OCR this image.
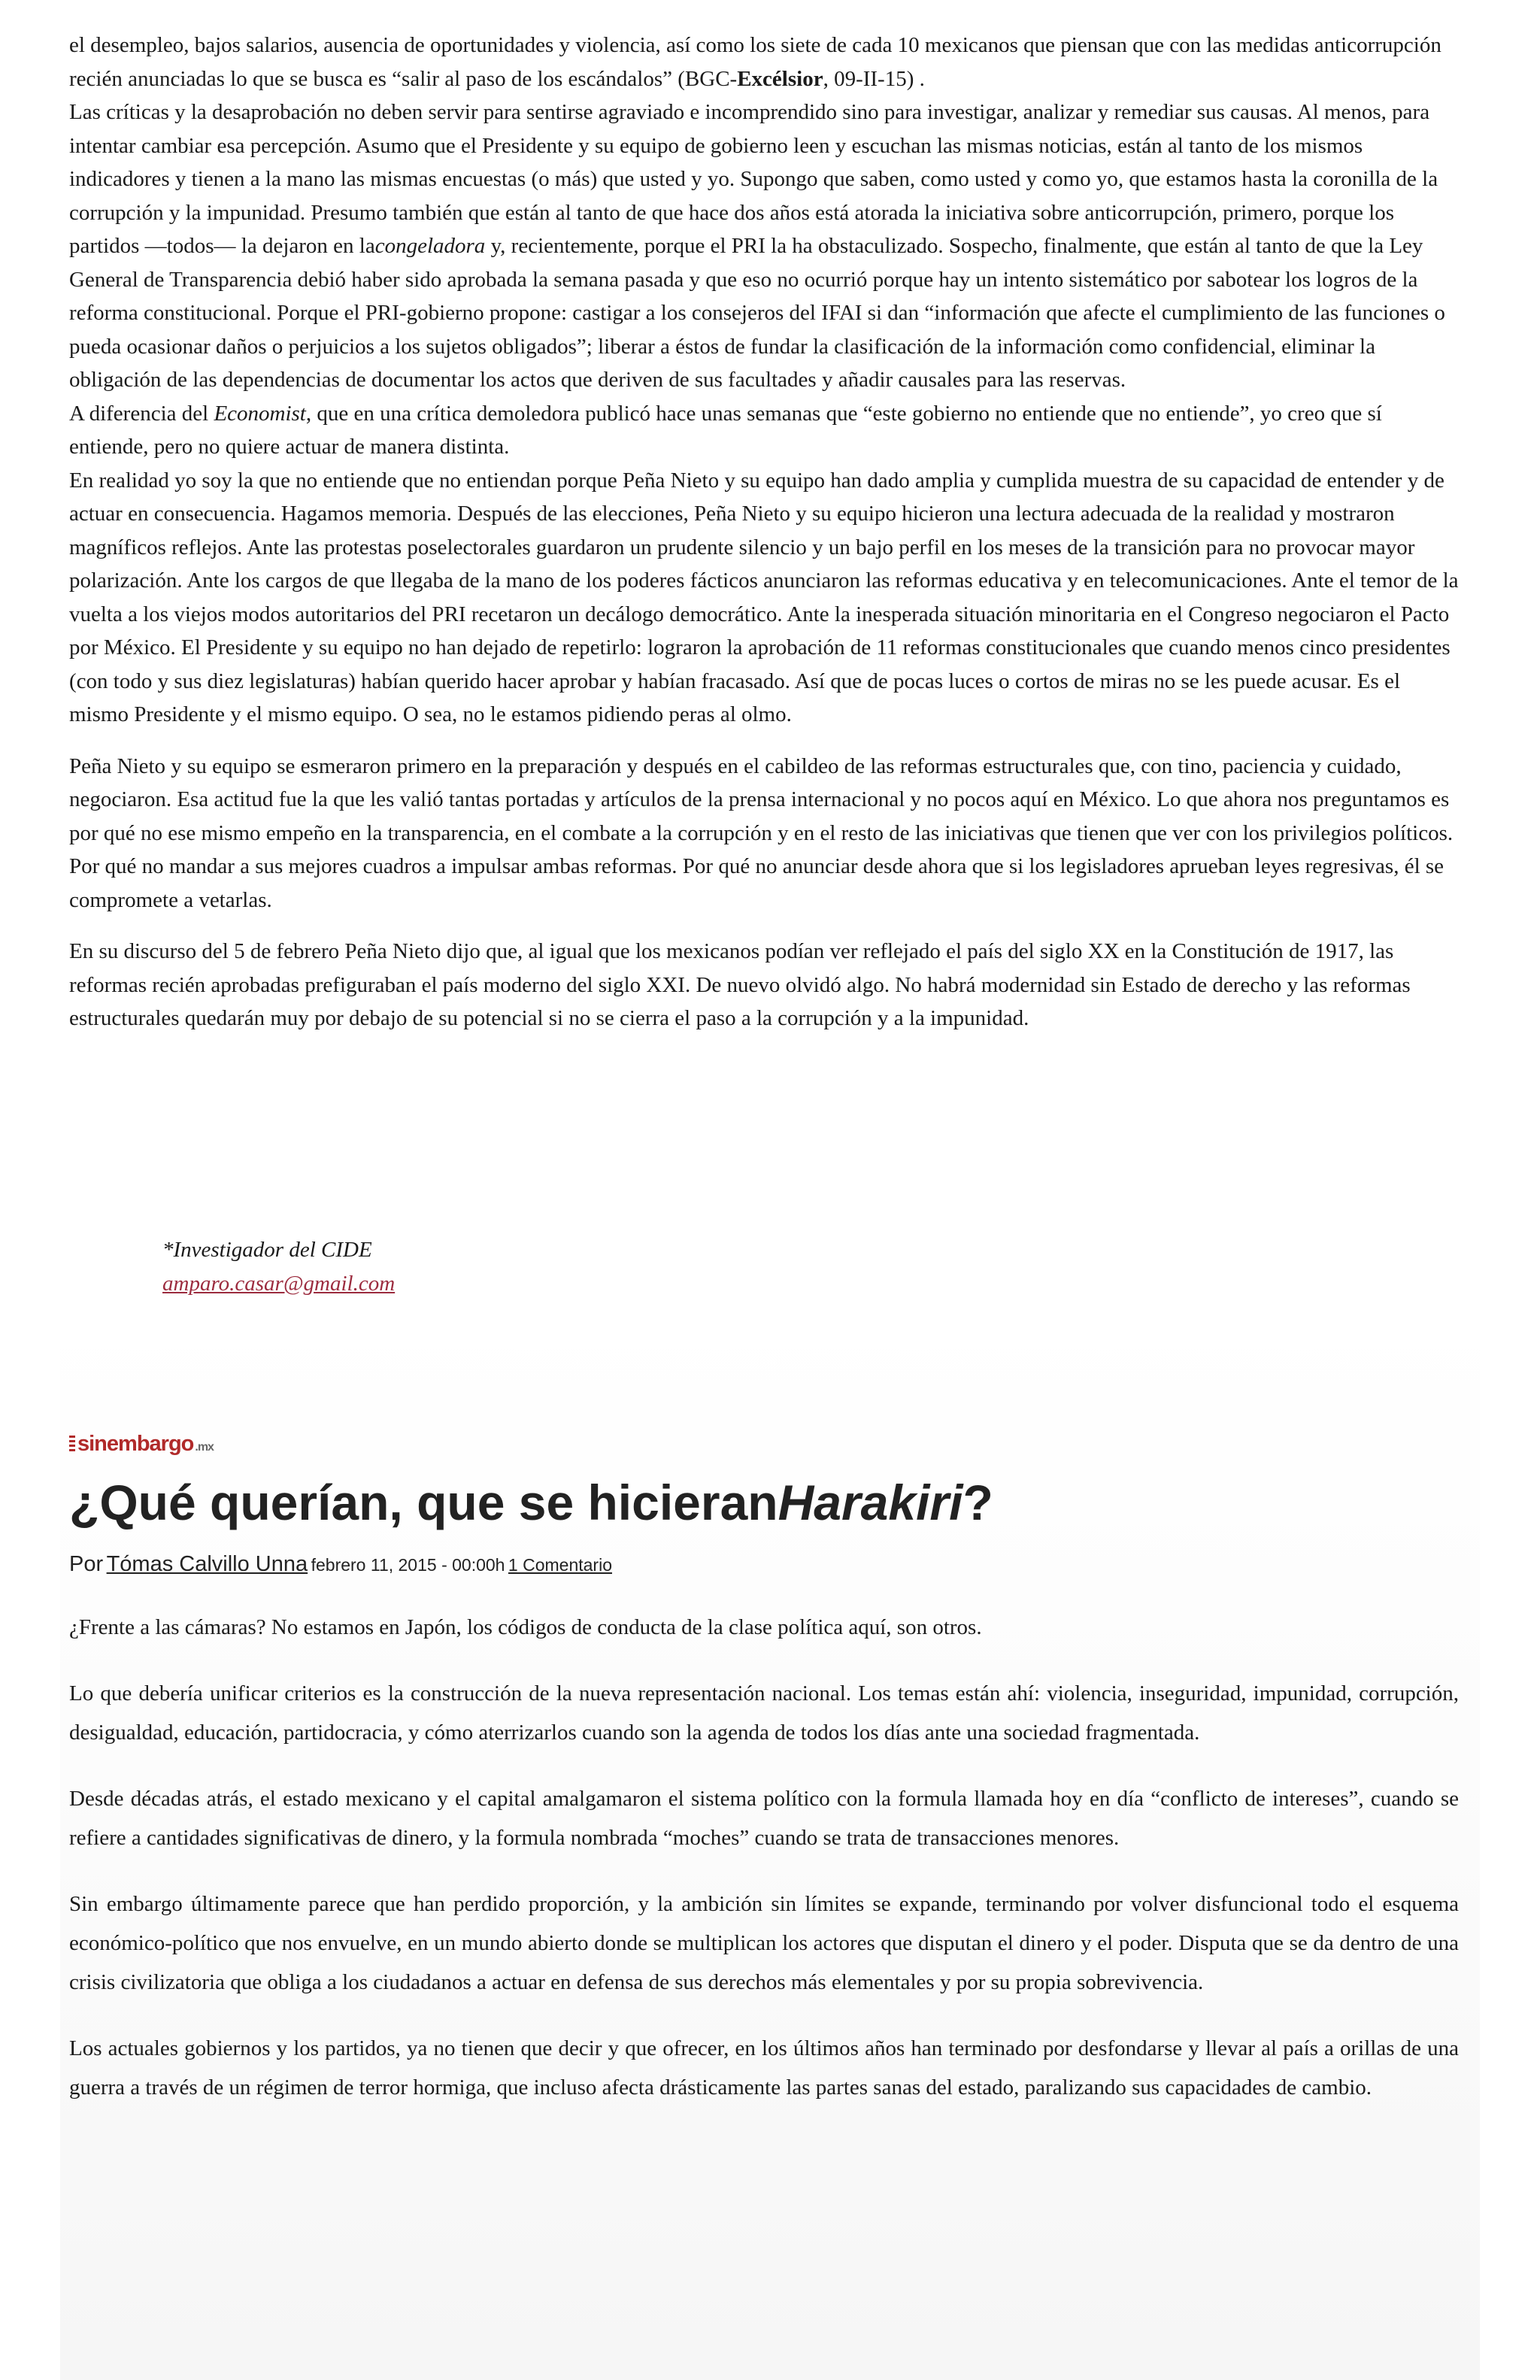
el desempleo, bajos salarios, ausencia de oportunidades y violencia, así como los siete de cada 10 mexicanos que piensan que con las medidas anticorrupción recién anunciadas lo que se busca es “salir al paso de los escándalos” (BGC-Excélsior, 09-II-15) .

Las críticas y la desaprobación no deben servir para sentirse agraviado e incomprendido sino para investigar, analizar y remediar sus causas. Al menos, para intentar cambiar esa percepción. Asumo que el Presidente y su equipo de gobierno leen y escuchan las mismas noticias, están al tanto de los mismos indicadores y tienen a la mano las mismas encuestas (o más) que usted y yo. Supongo que saben, como usted y como yo, que estamos hasta la coronilla de la corrupción y la impunidad. Presumo también que están al tanto de que hace dos años está atorada la iniciativa sobre anticorrupción, primero, porque los partidos —todos— la dejaron en lacongeladora y, recientemente, porque el PRI la ha obstaculizado. Sospecho, finalmente, que están al tanto de que la Ley General de Transparencia debió haber sido aprobada la semana pasada y que eso no ocurrió porque hay un intento sistemático por sabotear los logros de la reforma constitucional. Porque el PRI-gobierno propone: castigar a los consejeros del IFAI si dan “información que afecte el cumplimiento de las funciones o pueda ocasionar daños o perjuicios a los sujetos obligados”; liberar a éstos de fundar la clasificación de la información como confidencial, eliminar la obligación de las dependencias de documentar los actos que deriven de sus facultades y añadir causales para las reservas.

A diferencia del Economist, que en una crítica demoledora publicó hace unas semanas que “este gobierno no entiende que no entiende”, yo creo que sí entiende, pero no quiere actuar de manera distinta.

En realidad yo soy la que no entiende que no entiendan porque Peña Nieto y su equipo han dado amplia y cumplida muestra de su capacidad de entender y de actuar en consecuencia. Hagamos memoria. Después de las elecciones, Peña Nieto y su equipo hicieron una lectura adecuada de la realidad y mostraron magníficos reflejos. Ante las protestas poselectorales guardaron un prudente silencio y un bajo perfil en los meses de la transición para no provocar mayor polarización. Ante los cargos de que llegaba de la mano de los poderes fácticos anunciaron las reformas educativa y en telecomunicaciones. Ante el temor de la vuelta a los viejos modos autoritarios del PRI recetaron un decálogo democrático. Ante la inesperada situación minoritaria en el Congreso negociaron el Pacto por México. El Presidente y su equipo no han dejado de repetirlo: lograron la aprobación de 11 reformas constitucionales que cuando menos cinco presidentes (con todo y sus diez legislaturas) habían querido hacer aprobar y habían fracasado. Así que de pocas luces o cortos de miras no se les puede acusar. Es el mismo Presidente y el mismo equipo. O sea, no le estamos pidiendo peras al olmo.

Peña Nieto y su equipo se esmeraron primero en la preparación y después en el cabildeo de las reformas estructurales que, con tino, paciencia y cuidado, negociaron. Esa actitud fue la que les valió tantas portadas y artículos de la prensa internacional y no pocos aquí en México. Lo que ahora nos preguntamos es por qué no ese mismo empeño en la transparencia, en el combate a la corrupción y en el resto de las iniciativas que tienen que ver con los privilegios políticos. Por qué no mandar a sus mejores cuadros a impulsar ambas reformas. Por qué no anunciar desde ahora que si los legisladores aprueban leyes regresivas, él se compromete a vetarlas.

En su discurso del 5 de febrero Peña Nieto dijo que, al igual que los mexicanos podían ver reflejado el país del siglo XX en la Constitución de 1917, las reformas recién aprobadas prefiguraban el país moderno del siglo XXI. De nuevo olvidó algo. No habrá modernidad sin Estado de derecho y las reformas estructurales quedarán muy por debajo de su potencial si no se cierra el paso a la corrupción y a la impunidad.

*Investigador del CIDE
amparo.casar@gmail.com
sinembargo .mx
¿Qué querían, que se hicieranHarakiri?
Por Tómas Calvillo Unna febrero 11, 2015 - 00:00h 1 Comentario

¿Frente a las cámaras? No estamos en Japón, los códigos de conducta de la clase política aquí, son otros.

Lo que debería unificar criterios es la construcción de la nueva representación nacional. Los temas están ahí: violencia, inseguridad, impunidad, corrupción, desigualdad, educación, partidocracia, y cómo aterrizarlos cuando son la agenda de todos los días ante una sociedad fragmentada.

Desde décadas atrás, el estado mexicano y el capital amalgamaron el sistema político con la formula llamada hoy en día “conflicto de intereses”, cuando se refiere a cantidades significativas de dinero, y la formula nombrada “moches” cuando se trata de transacciones menores.

Sin embargo últimamente parece que han perdido proporción, y la ambición sin límites se expande, terminando por volver disfuncional todo el esquema económico-político que nos envuelve, en un mundo abierto donde se multiplican los actores que disputan el dinero y el poder. Disputa que se da dentro de una crisis civilizatoria que obliga a los ciudadanos a actuar en defensa de sus derechos más elementales y por su propia sobrevivencia.

Los actuales gobiernos y los partidos, ya no tienen que decir y que ofrecer, en los últimos años han terminado por desfondarse y llevar al país a orillas de una guerra a través de un régimen de terror hormiga, que incluso afecta drásticamente las partes sanas del estado, paralizando sus capacidades de cambio.
